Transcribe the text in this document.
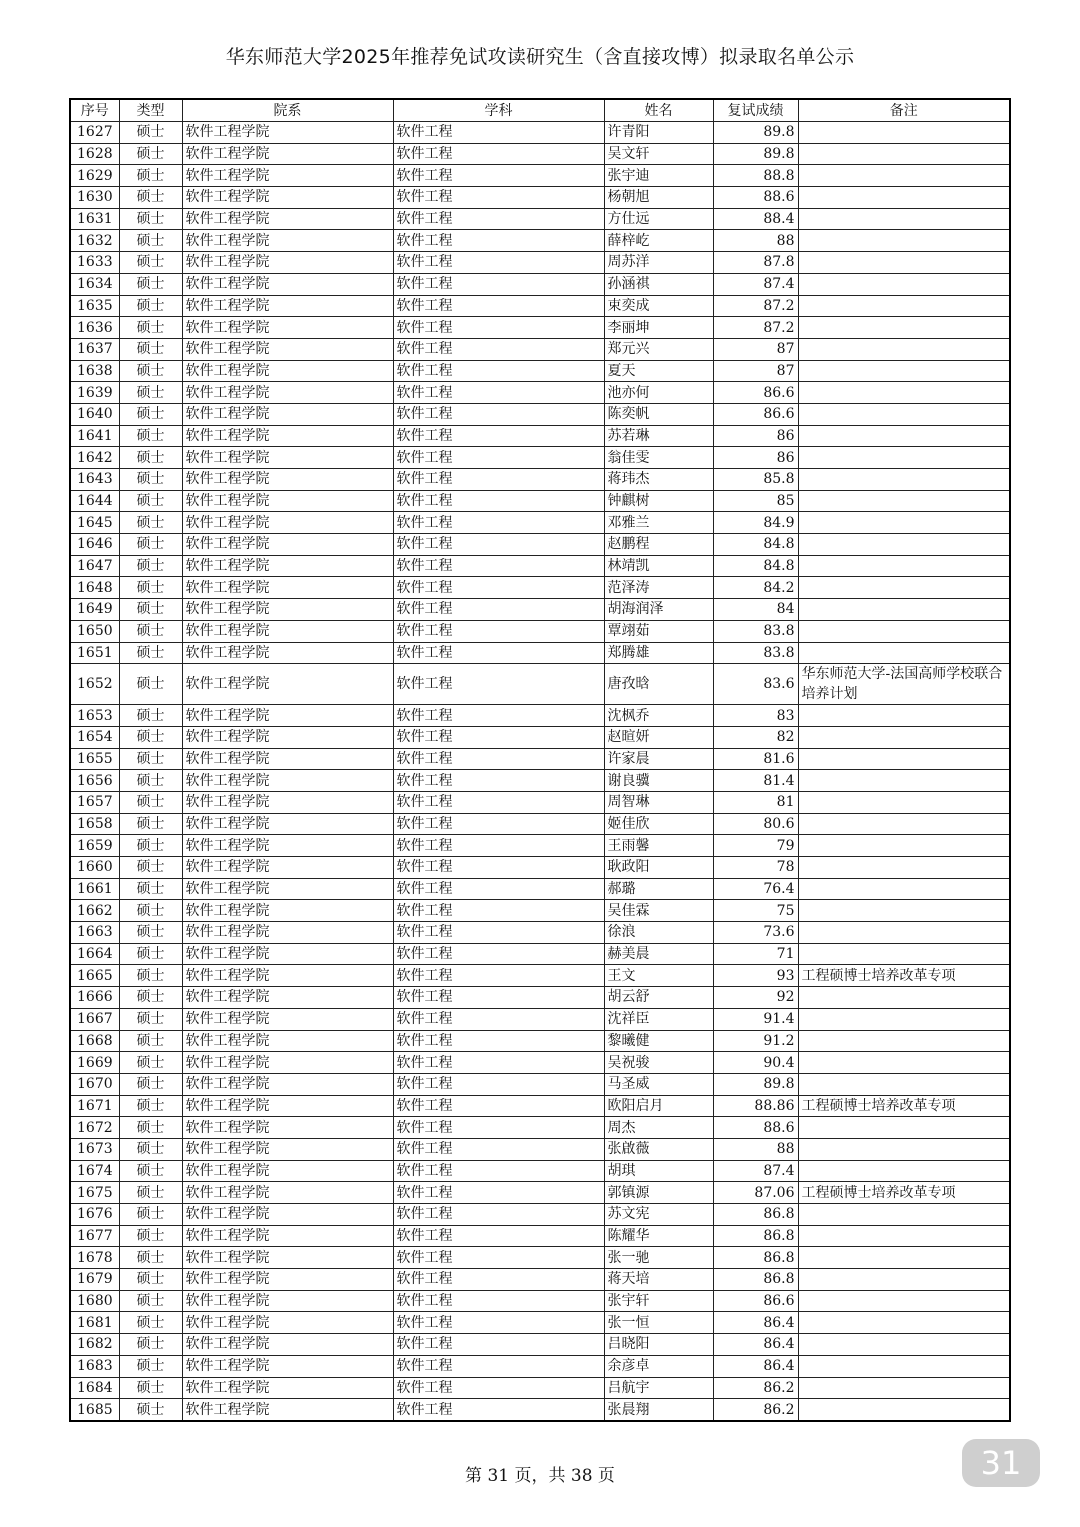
华东师范大学2025年推荐免试攻读研究生（含直接攻博）拟录取名单公示
序号	类型	院系	学科	姓名	复试成绩	备注
1627	硕士	软件工程学院	软件工程	许青阳	89.8	
1628	硕士	软件工程学院	软件工程	吴文轩	89.8	
1629	硕士	软件工程学院	软件工程	张宇迪	88.8	
1630	硕士	软件工程学院	软件工程	杨朝旭	88.6	
1631	硕士	软件工程学院	软件工程	方仕远	88.4	
1632	硕士	软件工程学院	软件工程	薛梓屹	88	
1633	硕士	软件工程学院	软件工程	周苏洋	87.8	
1634	硕士	软件工程学院	软件工程	孙涵祺	87.4	
1635	硕士	软件工程学院	软件工程	束奕成	87.2	
1636	硕士	软件工程学院	软件工程	李丽坤	87.2	
1637	硕士	软件工程学院	软件工程	郑元兴	87	
1638	硕士	软件工程学院	软件工程	夏天	87	
1639	硕士	软件工程学院	软件工程	池亦何	86.6	
1640	硕士	软件工程学院	软件工程	陈奕帆	86.6	
1641	硕士	软件工程学院	软件工程	苏若琳	86	
1642	硕士	软件工程学院	软件工程	翁佳雯	86	
1643	硕士	软件工程学院	软件工程	蒋玮杰	85.8	
1644	硕士	软件工程学院	软件工程	钟麒树	85	
1645	硕士	软件工程学院	软件工程	邓雅兰	84.9	
1646	硕士	软件工程学院	软件工程	赵鹏程	84.8	
1647	硕士	软件工程学院	软件工程	林靖凯	84.8	
1648	硕士	软件工程学院	软件工程	范泽涛	84.2	
1649	硕士	软件工程学院	软件工程	胡海润泽	84	
1650	硕士	软件工程学院	软件工程	覃翊茹	83.8	
1651	硕士	软件工程学院	软件工程	郑腾雄	83.8	
1652	硕士	软件工程学院	软件工程	唐孜晗	83.6	华东师范大学-法国高师学校联合培养计划
1653	硕士	软件工程学院	软件工程	沈枫乔	83	
1654	硕士	软件工程学院	软件工程	赵暄妍	82	
1655	硕士	软件工程学院	软件工程	许家晨	81.6	
1656	硕士	软件工程学院	软件工程	谢良骥	81.4	
1657	硕士	软件工程学院	软件工程	周智琳	81	
1658	硕士	软件工程学院	软件工程	姬佳欣	80.6	
1659	硕士	软件工程学院	软件工程	王雨馨	79	
1660	硕士	软件工程学院	软件工程	耿政阳	78	
1661	硕士	软件工程学院	软件工程	郝璐	76.4	
1662	硕士	软件工程学院	软件工程	吴佳霖	75	
1663	硕士	软件工程学院	软件工程	徐浪	73.6	
1664	硕士	软件工程学院	软件工程	赫美晨	71	
1665	硕士	软件工程学院	软件工程	王文	93	工程硕博士培养改革专项
1666	硕士	软件工程学院	软件工程	胡云舒	92	
1667	硕士	软件工程学院	软件工程	沈祥臣	91.4	
1668	硕士	软件工程学院	软件工程	黎曦健	91.2	
1669	硕士	软件工程学院	软件工程	吴祝骏	90.4	
1670	硕士	软件工程学院	软件工程	马圣威	89.8	
1671	硕士	软件工程学院	软件工程	欧阳启月	88.86	工程硕博士培养改革专项
1672	硕士	软件工程学院	软件工程	周杰	88.6	
1673	硕士	软件工程学院	软件工程	张啟薇	88	
1674	硕士	软件工程学院	软件工程	胡琪	87.4	
1675	硕士	软件工程学院	软件工程	郭镇源	87.06	工程硕博士培养改革专项
1676	硕士	软件工程学院	软件工程	苏文宪	86.8	
1677	硕士	软件工程学院	软件工程	陈耀华	86.8	
1678	硕士	软件工程学院	软件工程	张一驰	86.8	
1679	硕士	软件工程学院	软件工程	蒋天培	86.8	
1680	硕士	软件工程学院	软件工程	张宇轩	86.6	
1681	硕士	软件工程学院	软件工程	张一恒	86.4	
1682	硕士	软件工程学院	软件工程	吕晓阳	86.4	
1683	硕士	软件工程学院	软件工程	余彦卓	86.4	
1684	硕士	软件工程学院	软件工程	吕航宇	86.2	
1685	硕士	软件工程学院	软件工程	张晨翔	86.2	
第 31 页，共 38 页	31
